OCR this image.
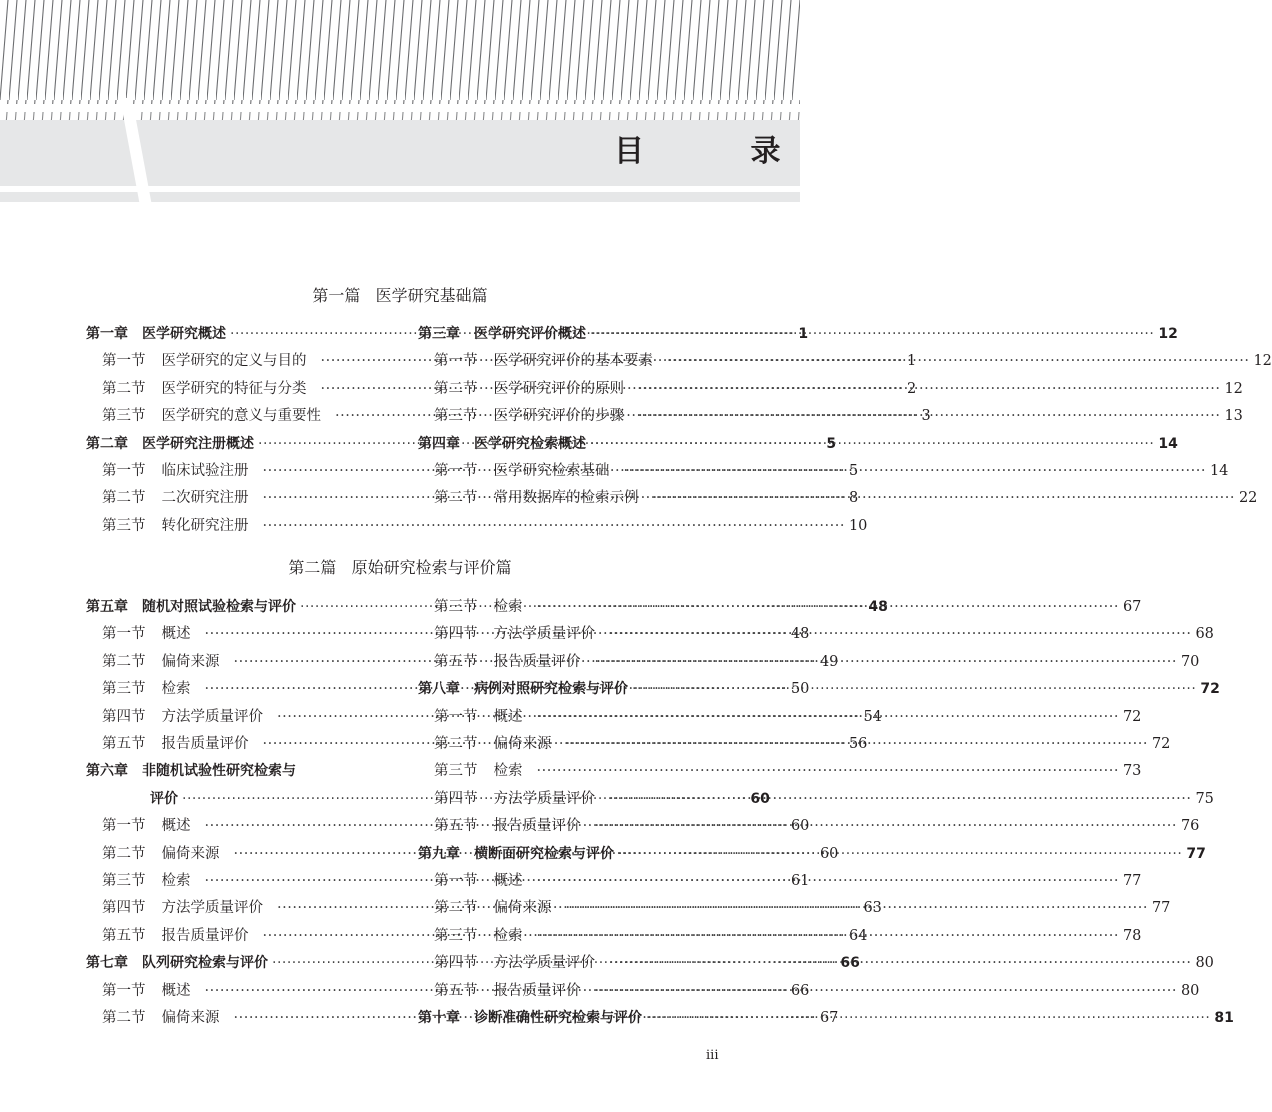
目 录
第一篇   医学研究基础篇
第二篇   原始研究检索与评价篇
第一章 医学研究概述 ·····	1
第一节 医学研究的定义与目的 ·····	1
第二节 医学研究的特征与分类 ·····	2
第三节 医学研究的意义与重要性 ·····	3
第二章 医学研究注册概述 ·····	5
第一节 临床试验注册 ·····	5
第二节 二次研究注册 ·····	8
第三节 转化研究注册 ·····	10
第三章 医学研究评价概述 ·····	12
第一节 医学研究评价的基本要素 ·····	12
第二节 医学研究评价的原则 ·····	12
第三节 医学研究评价的步骤 ·····	13
第四章 医学研究检索概述 ·····	14
第一节 医学研究检索基础 ·····	14
第二节 常用数据库的检索示例 ·····	22
第五章 随机对照试验检索与评价 ·····	48
第一节 概述 ·····	48
第二节 偏倚来源 ·····	49
第三节 检索 ·····	50
第四节 方法学质量评价 ·····	54
第五节 报告质量评价 ·····	56
第六章 非随机试验性研究检索与
评价 ·····	60
第一节 概述 ·····	60
第二节 偏倚来源 ·····	60
第三节 检索 ·····	61
第四节 方法学质量评价 ·····	63
第五节 报告质量评价 ·····	64
第七章 队列研究检索与评价 ·····	66
第一节 概述 ·····	66
第二节 偏倚来源 ·····	67
第三节 检索 ·····	67
第四节 方法学质量评价 ·····	68
第五节 报告质量评价 ·····	70
第八章 病例对照研究检索与评价 ·····	72
第一节 概述 ·····	72
第二节 偏倚来源 ·····	72
第三节 检索 ·····	73
第四节 方法学质量评价 ·····	75
第五节 报告质量评价 ·····	76
第九章 横断面研究检索与评价 ·····	77
第一节 概述 ·····	77
第二节 偏倚来源 ·····	77
第三节 检索 ·····	78
第四节 方法学质量评价 ·····	80
第五节 报告质量评价 ·····	80
第十章 诊断准确性研究检索与评价 ·····	81
iii
